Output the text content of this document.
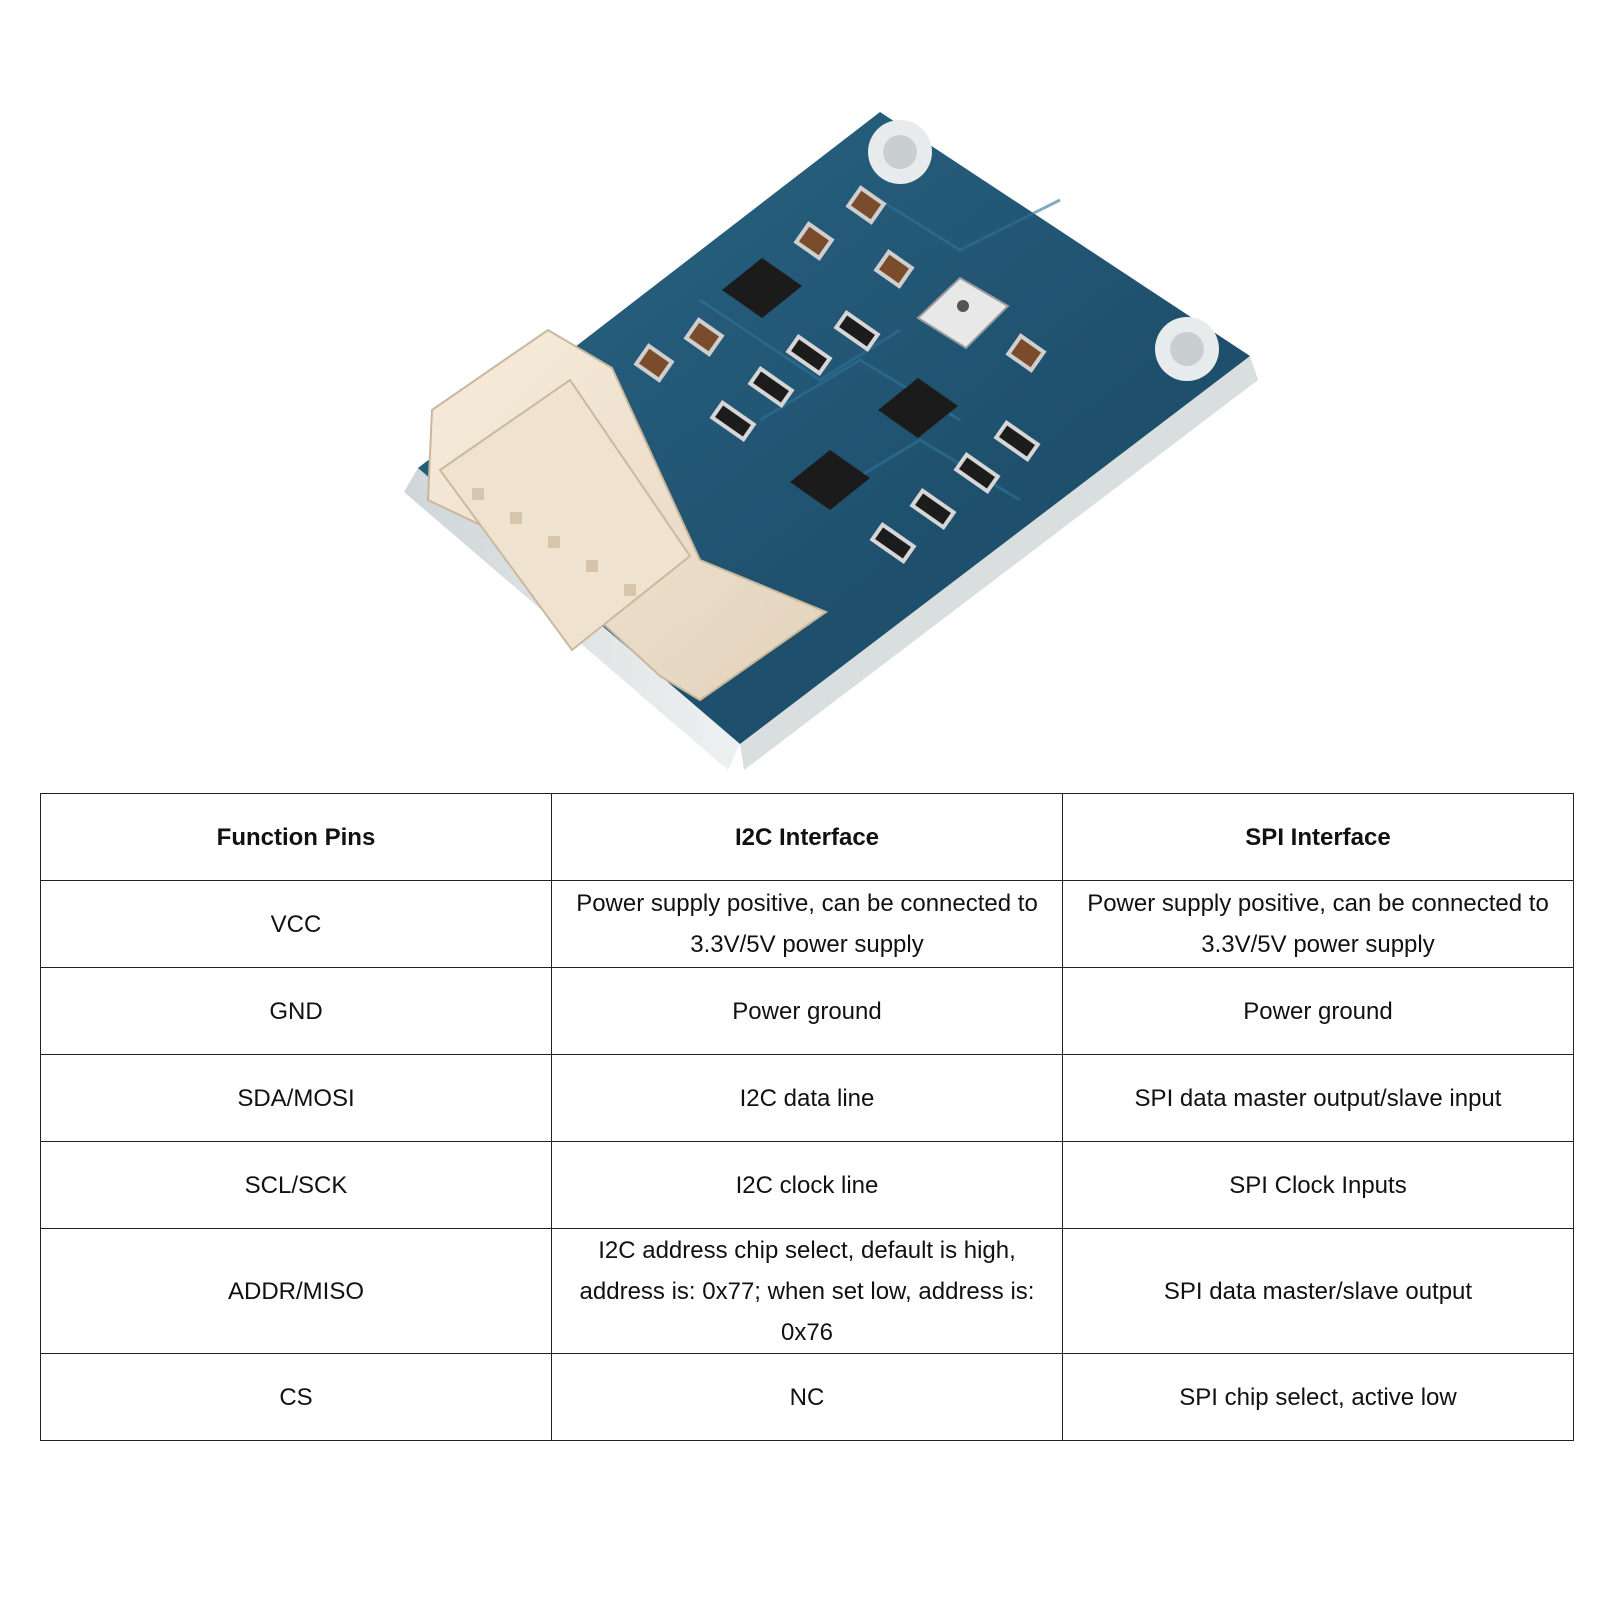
Function Pins	I2C Interface	SPI Interface
VCC	Power supply positive, can be connected to 3.3V/5V power supply	Power supply positive, can be connected to 3.3V/5V power supply
GND	Power ground	Power ground
SDA/MOSI	I2C data line	SPI data master output/slave input
SCL/SCK	I2C clock line	SPI Clock Inputs
ADDR/MISO	I2C address chip select, default is high, address is: 0x77; when set low, address is: 0x76	SPI data master/slave output
CS	NC	SPI chip select, active low
